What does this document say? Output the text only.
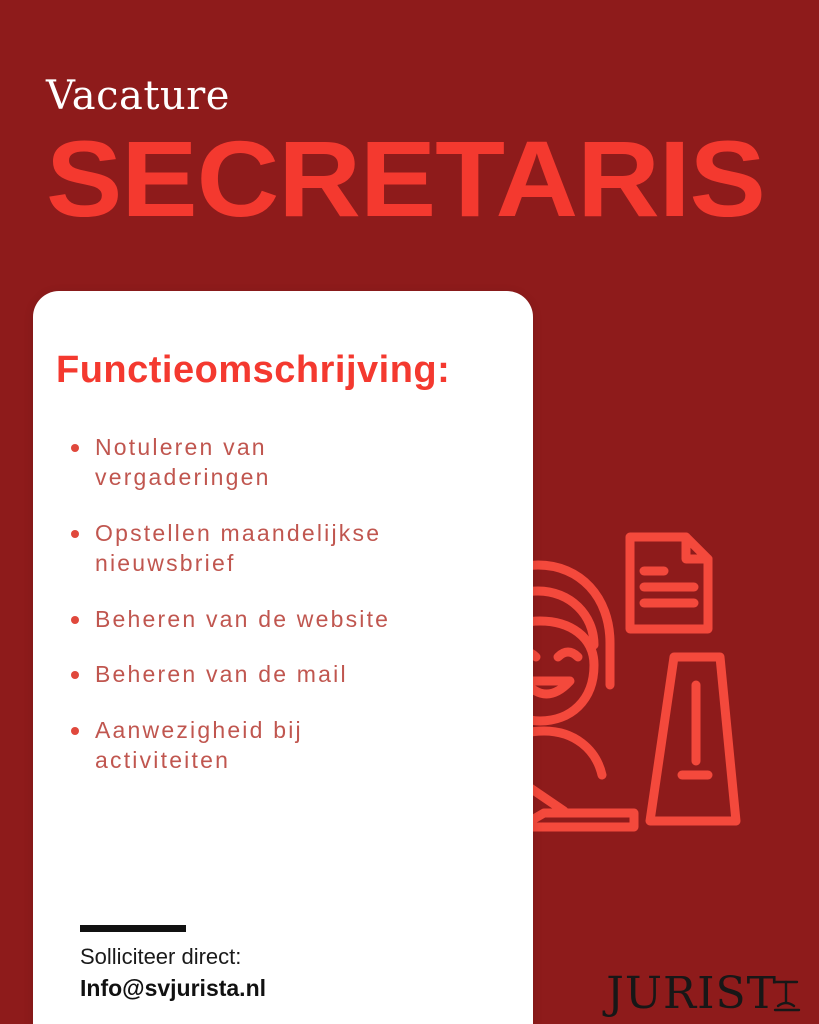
Vacature
SECRETARIS
Functieomschrijving:
Notuleren van vergaderingen
Opstellen maandelijkse nieuwsbrief
Beheren van de website
Beheren van de mail
Aanwezigheid bij activiteiten
Solliciteer direct:
Info@svjurista.nl	JURIST
